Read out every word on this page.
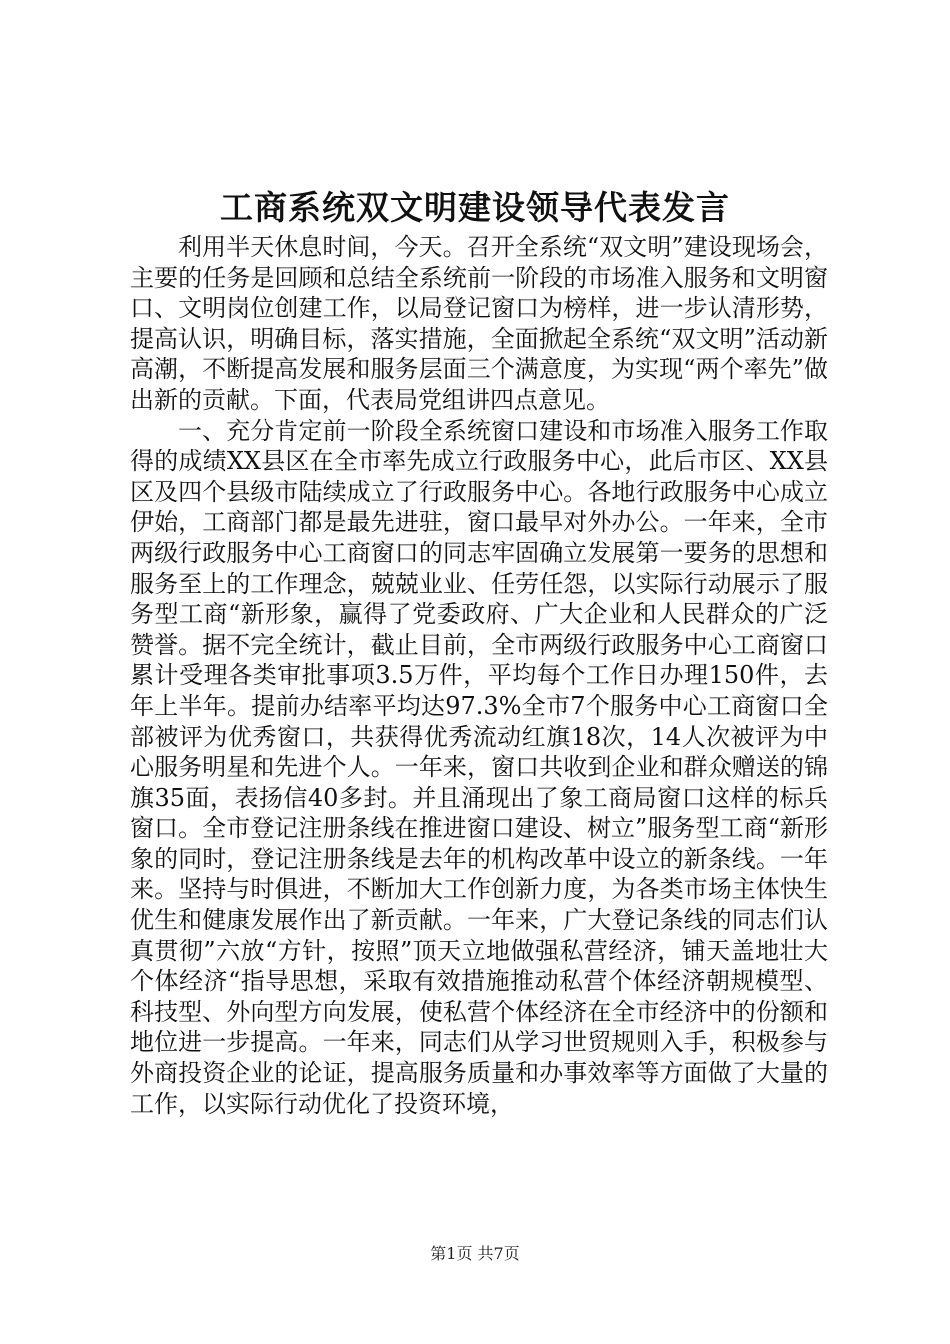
工商系统双文明建设领导代表发言

利用半天休息时间，今天。召开全系统“双文明”建设现场会，主要的任务是回顾和总结全系统前一阶段的市场准入服务和文明窗口、文明岗位创建工作，以局登记窗口为榜样，进一步认清形势，提高认识，明确目标，落实措施，全面掀起全系统“双文明”活动新高潮，不断提高发展和服务层面三个满意度，为实现“两个率先”做出新的贡献。下面，代表局党组讲四点意见。

一、充分肯定前一阶段全系统窗口建设和市场准入服务工作取得的成绩XX县区在全市率先成立行政服务中心，此后市区、XX县区及四个县级市陆续成立了行政服务中心。各地行政服务中心成立伊始，工商部门都是最先进驻，窗口最早对外办公。一年来，全市两级行政服务中心工商窗口的同志牢固确立发展第一要务的思想和服务至上的工作理念，兢兢业业、任劳任怨，以实际行动展示了服务型工商“新形象，赢得了党委政府、广大企业和人民群众的广泛赞誉。据不完全统计，截止目前，全市两级行政服务中心工商窗口累计受理各类审批事项3.5万件，平均每个工作日办理150件，去年上半年。提前办结率平均达97.3%全市7个服务中心工商窗口全部被评为优秀窗口，共获得优秀流动红旗18次，14人次被评为中心服务明星和先进个人。一年来，窗口共收到企业和群众赠送的锦旗35面，表扬信40多封。并且涌现出了象工商局窗口这样的标兵窗口。全市登记注册条线在推进窗口建设、树立”服务型工商“新形象的同时，登记注册条线是去年的机构改革中设立的新条线。一年来。坚持与时俱进，不断加大工作创新力度，为各类市场主体快生优生和健康发展作出了新贡献。一年来，广大登记条线的同志们认真贯彻”六放“方针，按照”顶天立地做强私营经济，铺天盖地壮大个体经济“指导思想，采取有效措施推动私营个体经济朝规模型、科技型、外向型方向发展，使私营个体经济在全市经济中的份额和地位进一步提高。一年来，同志们从学习世贸规则入手，积极参与外商投资企业的论证，提高服务质量和办事效率等方面做了大量的工作，以实际行动优化了投资环境，

第1页 共7页
